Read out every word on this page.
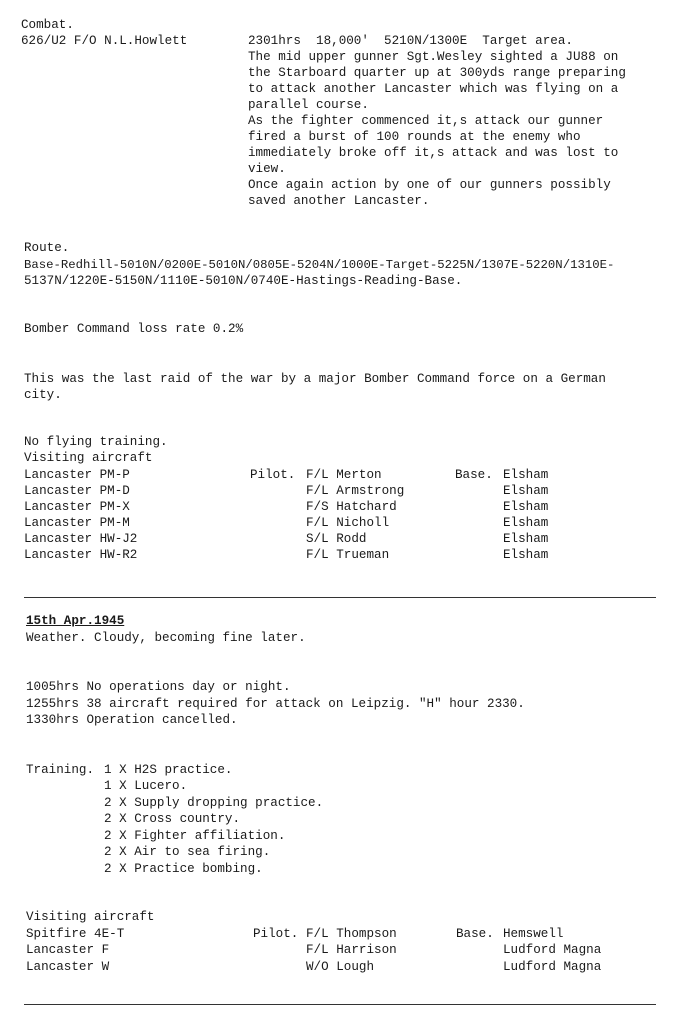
Combat.
626/U2 F/O N.L.Howlett	2301hrs  18,000'  5210N/1300E  Target area.
The mid upper gunner Sgt.Wesley sighted a JU88 on
the Starboard quarter up at 300yds range preparing
to attack another Lancaster which was flying on a
parallel course.
As the fighter commenced it,s attack our gunner
fired a burst of 100 rounds at the enemy who
immediately broke off it,s attack and was lost to
view.
Once again action by one of our gunners possibly
saved another Lancaster.
Route.
Base-Redhill-5010N/0200E-5010N/0805E-5204N/1000E-Target-5225N/1307E-5220N/1310E-
5137N/1220E-5150N/1110E-5010N/0740E-Hastings-Reading-Base.
Bomber Command loss rate 0.2%
This was the last raid of the war by a major Bomber Command force on a German
city.
No flying training.
Visiting aircraft
Lancaster PM-P	Pilot. F/L Merton	Base. Elsham
Lancaster PM-D	F/L Armstrong	Elsham
Lancaster PM-X	F/S Hatchard	Elsham
Lancaster PM-M	F/L Nicholl	Elsham
Lancaster HW-J2	S/L Rodd	Elsham
Lancaster HW-R2	F/L Trueman	Elsham
15th Apr.1945
Weather. Cloudy, becoming fine later.
1005hrs No operations day or night.
1255hrs 38 aircraft required for attack on Leipzig. "H" hour 2330.
1330hrs Operation cancelled.
Training. 1 X H2S practice.
1 X Lucero.
2 X Supply dropping practice.
2 X Cross country.
2 X Fighter affiliation.
2 X Air to sea firing.
2 X Practice bombing.
Visiting aircraft
Spitfire 4E-T	Pilot. F/L Thompson	Base. Hemswell
Lancaster F	F/L Harrison	Ludford Magna
Lancaster W	W/O Lough	Ludford Magna
